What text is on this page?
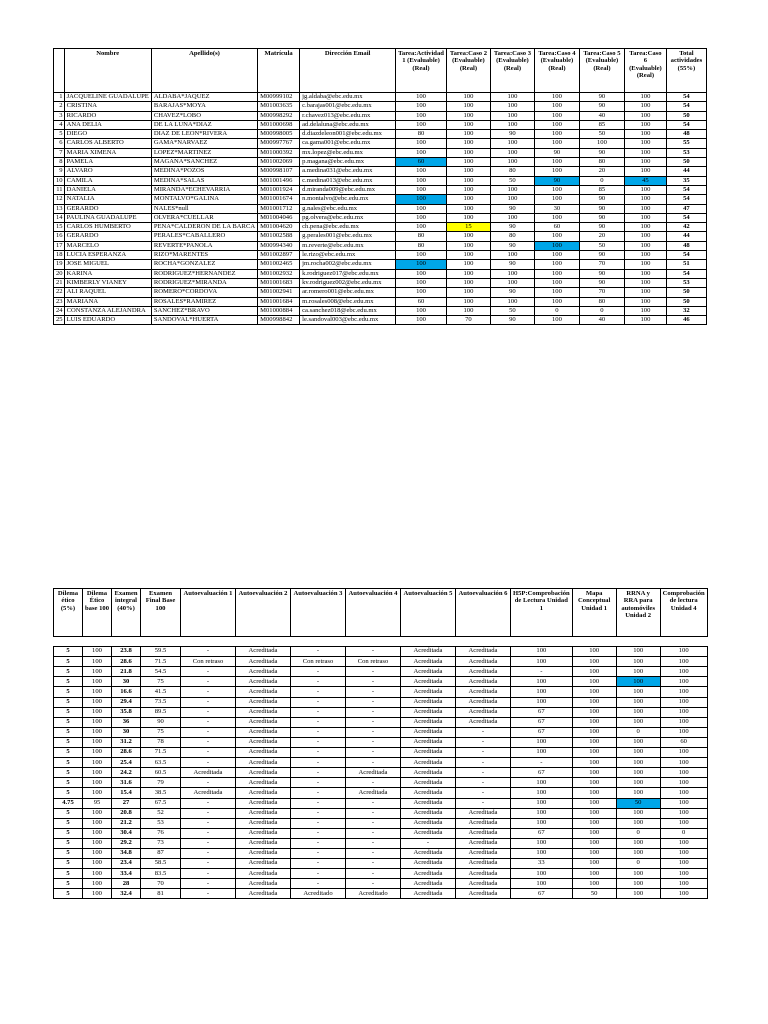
	Nombre	Apellido(s)	Matrícula	Dirección Email	Tarea:Actividad 1 (Evaluable) (Real)	Tarea:Caso 2 (Evaluable) (Real)	Tarea:Caso 3 (Evaluable) (Real)	Tarea:Caso 4 (Evaluable) (Real)	Tarea:Caso 5 (Evaluable) (Real)	Tarea:Caso 6 (Evaluable) (Real)	Total actividades (55%)
1	JACQUELINE GUADALUPE	ALDABA*JAQUEZ	M00999102	jg.aldaba@ebc.edu.mx	100	100	100	100	90	100	54
2	CRISTINA	BARAJAS*MOYA	M01003635	c.barajas001@ebc.edu.mx	100	100	100	100	90	100	54
3	RICARDO	CHAVEZ*LOBO	M00998292	r.chavez013@ebc.edu.mx	100	100	100	100	40	100	50
4	ANA DELIA	DE LA LUNA*DIAZ	M01000698	ad.delaluna@ebc.edu.mx	100	100	100	100	85	100	54
5	DIEGO	DIAZ DE LEON*RIVERA	M00998005	d.diazdeleon001@ebc.edu.mx	80	100	90	100	50	100	48
6	CARLOS ALBERTO	GAMA*NARVAEZ	M00997767	ca.gama001@ebc.edu.mx	100	100	100	100	100	100	55
7	MARIA XIMENA	LOPEZ*MARTINEZ	M01000392	mx.lopez@ebc.edu.mx	100	100	100	90	90	100	53
8	PAMELA	MAGANA*SANCHEZ	M01002069	p.magana@ebc.edu.mx	60	100	100	100	80	100	50
9	ALVARO	MEDINA*POZOS	M00998107	a.medina031@ebc.edu.mx	100	100	80	100	20	100	44
10	CAMILA	MEDINA*SALAS	M01001496	c.medina013@ebc.edu.mx	100	100	50	90	0	45	35
11	DANIELA	MIRANDA*ECHEVARRIA	M01001924	d.miranda009@ebc.edu.mx	100	100	100	100	85	100	54
12	NATALIA	MONTALVO*GALINA	M01001674	n.montalvo@ebc.edu.mx	100	100	100	100	90	100	54
13	GERARDO	NALES*null	M01001712	g.nales@ebc.edu.mx	100	100	90	30	90	100	47
14	PAULINA GUADALUPE	OLVERA*CUELLAR	M01004046	pg.olvera@ebc.edu.mx	100	100	100	100	90	100	54
15	CARLOS HUMBERTO	PENA*CALDERON DE LA BARCA	M01004620	ch.pena@ebc.edu.mx	100	15	90	60	90	100	42
16	GERARDO	PERALES*CABALLERO	M01002588	g.perales001@ebc.edu.mx	80	100	80	100	20	100	44
17	MARCELO	REVERTE*PANOLA	M00994340	m.reverte@ebc.edu.mx	80	100	90	100	50	100	48
18	LUCIA ESPERANZA	RIZO*MARENTES	M01002897	le.rizo@ebc.edu.mx	100	100	100	100	90	100	54
19	JOSE MIGUEL	ROCHA*GONZALEZ	M01002465	jm.rocha002@ebc.edu.mx	100	100	90	100	70	100	51
20	KARINA	RODRIGUEZ*HERNANDEZ	M01002932	k.rodriguez017@ebc.edu.mx	100	100	100	100	90	100	54
21	KIMBERLY VIANEY	RODRIGUEZ*MIRANDA	M01001683	kv.rodriguez002@ebc.edu.mx	100	100	100	100	90	100	53
22	ALI RAQUEL	ROMERO*CORDOVA	M01002941	ar.romero001@ebc.edu.mx	100	100	90	100	70	100	50
23	MARIANA	ROSALES*RAMIREZ	M01001684	m.rosales008@ebc.edu.mx	60	100	100	100	80	100	50
24	CONSTANZA ALEJANDRA	SANCHEZ*BRAVO	M01000884	ca.sanchez018@ebc.edu.mx	100	100	50	0	0	100	32
25	LUIS EDUARDO	SANDOVAL*HUERTA	M00998842	le.sandoval003@ebc.edu.mx	100	70	90	100	40	100	46
Dilema ético (5%)	Dilema Ético base 100	Examen integral (40%)	Examen Final Base 100	Autoevaluación 1	Autoevaluación 2	Autoevaluación 3	Autoevaluación 4	Autoevaluación 5	Autoevaluación 6	H5P:Comprobación de Lectura Unidad 1	Mapa Conceptual Unidad 1	RRNA y RRA para automóviles Unidad 2	Comprobación de lectura Unidad 4

5	100	23.8	59.5	-	Acreditada	-	-	Acreditada	Acreditada	100	100	100	100
5	100	28.6	71.5	Con retraso	Acreditada	Con retraso	Con retraso	Acreditada	Acreditada	100	100	100	100
5	100	21.8	54.5	-	Acreditada	-	-	Acreditada	Acreditada	-	100	100	100
5	100	30	75	-	Acreditada	-	-	Acreditada	Acreditada	100	100	100	100
5	100	16.6	41.5	-	Acreditada	-	-	Acreditada	Acreditada	100	100	100	100
5	100	29.4	73.5	-	Acreditada	-	-	Acreditada	Acreditada	100	100	100	100
5	100	35.8	89.5	-	Acreditada	-	-	Acreditada	Acreditada	67	100	100	100
5	100	36	90	-	Acreditada	-	-	Acreditada	Acreditada	67	100	100	100
5	100	30	75	-	Acreditada	-	-	Acreditada	-	67	100	0	100
5	100	31.2	78	-	Acreditada	-	-	Acreditada	-	100	100	100	60
5	100	28.6	71.5	-	Acreditada	-	-	Acreditada	-	100	100	100	100
5	100	25.4	63.5	-	Acreditada	-	-	Acreditada	-	-	100	100	100
5	100	24.2	60.5	Acreditada	Acreditada	-	Acreditada	Acreditada	-	67	100	100	100
5	100	31.6	79	-	Acreditada	-	-	Acreditada	-	100	100	100	100
5	100	15.4	38.5	Acreditada	Acreditada	-	Acreditada	Acreditada	-	100	100	100	100
4.75	95	27	67.5	-	Acreditada	-	-	Acreditada	-	100	100	50	100
5	100	20.8	52	-	Acreditada	-	-	Acreditada	Acreditada	100	100	100	100
5	100	21.2	53	-	Acreditada	-	-	Acreditada	Acreditada	100	100	100	100
5	100	30.4	76	-	Acreditada	-	-	Acreditada	Acreditada	67	100	0	0
5	100	29.2	73	-	Acreditada	-	-	-	Acreditada	100	100	100	100
5	100	34.8	87	-	Acreditada	-	-	Acreditada	Acreditada	100	100	100	100
5	100	23.4	58.5	-	Acreditada	-	-	Acreditada	Acreditada	33	100	0	100
5	100	33.4	83.5	-	Acreditada	-	-	Acreditada	Acreditada	100	100	100	100
5	100	28	70	-	Acreditada	-	-	Acreditada	Acreditada	100	100	100	100
5	100	32.4	81	-	Acreditada	Acreditado	Acreditado	Acreditada	Acreditada	67	50	100	100
